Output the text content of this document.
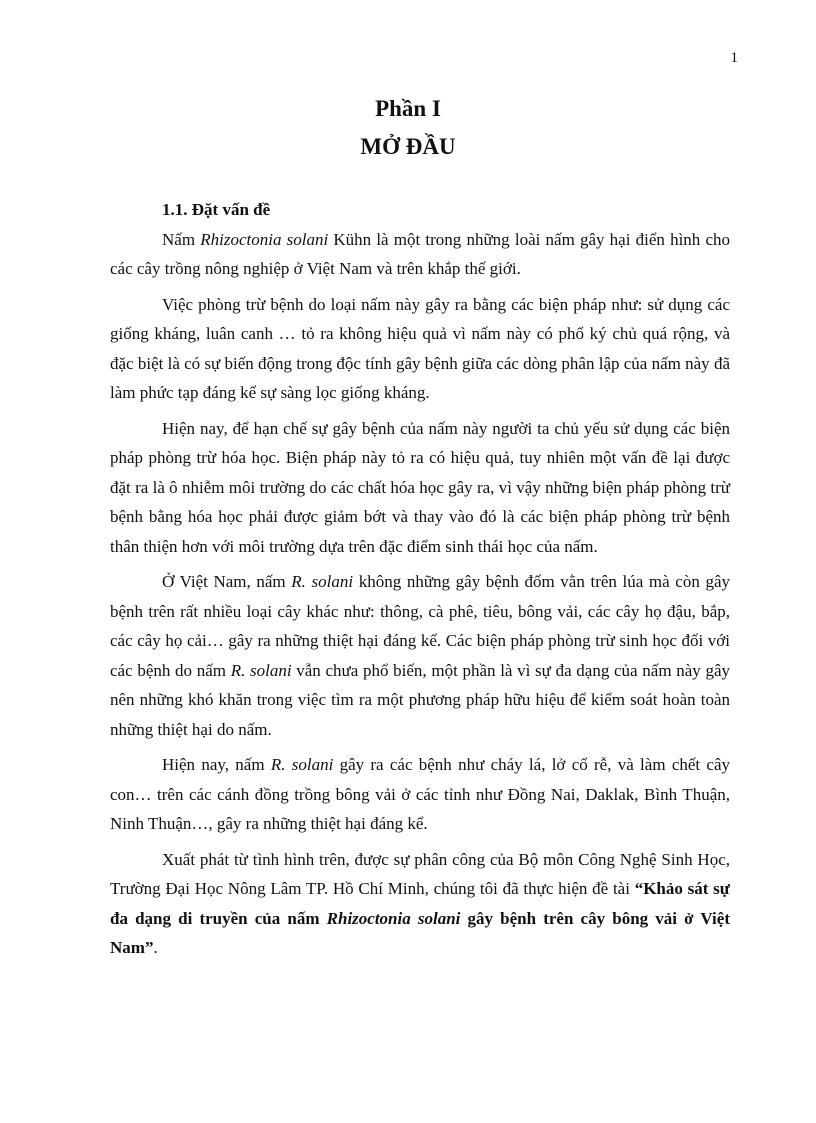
1

Phần I

MỞ ĐẦU

1.1. Đặt vấn đề

Nấm Rhizoctonia solani Kühn là một trong những loài nấm gây hại điển hình cho các cây trồng nông nghiệp ở Việt Nam và trên khắp thế giới.

Việc phòng trừ bệnh do loại nấm này gây ra bằng các biện pháp như: sử dụng các giống kháng, luân canh … tỏ ra không hiệu quả vì nấm này có phổ ký chủ quá rộng, và đặc biệt là có sự biến động trong độc tính gây bệnh giữa các dòng phân lập của nấm này đã làm phức tạp đáng kể sự sàng lọc giống kháng.

Hiện nay, để hạn chế sự gây bệnh của nấm này người ta chủ yếu sử dụng các biện pháp phòng trừ hóa học. Biện pháp này tỏ ra có hiệu quả, tuy nhiên một vấn đề lại được đặt ra là ô nhiễm môi trường do các chất hóa học gây ra, vì vậy những biện pháp phòng trừ bệnh bằng hóa học phải được giảm bớt và thay vào đó là các biện pháp phòng trừ bệnh thân thiện hơn với môi trường dựa trên đặc điểm sinh thái học của nấm.

Ở Việt Nam, nấm R. solani không những gây bệnh đốm vằn trên lúa mà còn gây bệnh trên rất nhiều loại cây khác như: thông, cà phê, tiêu, bông vải, các cây họ đậu, bắp, các cây họ cải… gây ra những thiệt hại đáng kể. Các biện pháp phòng trừ sinh học đối với các bệnh do nấm R. solani vẫn chưa phổ biến, một phần là vì sự đa dạng của nấm này gây nên những khó khăn trong việc tìm ra một phương pháp hữu hiệu để kiểm soát hoàn toàn những thiệt hại do nấm.

Hiện nay, nấm R. solani gây ra các bệnh như cháy lá, lở cổ rễ, và làm chết cây con… trên các cánh đồng trồng bông vải ở các tỉnh như Đồng Nai, Daklak, Bình Thuận, Ninh Thuận…, gây ra những thiệt hại đáng kể.

Xuất phát từ tình hình trên, được sự phân công của Bộ môn Công Nghệ Sinh Học, Trường Đại Học Nông Lâm TP. Hồ Chí Minh, chúng tôi đã thực hiện đề tài “Khảo sát sự đa dạng di truyền của nấm Rhizoctonia solani gây bệnh trên cây bông vải ở Việt Nam”.
